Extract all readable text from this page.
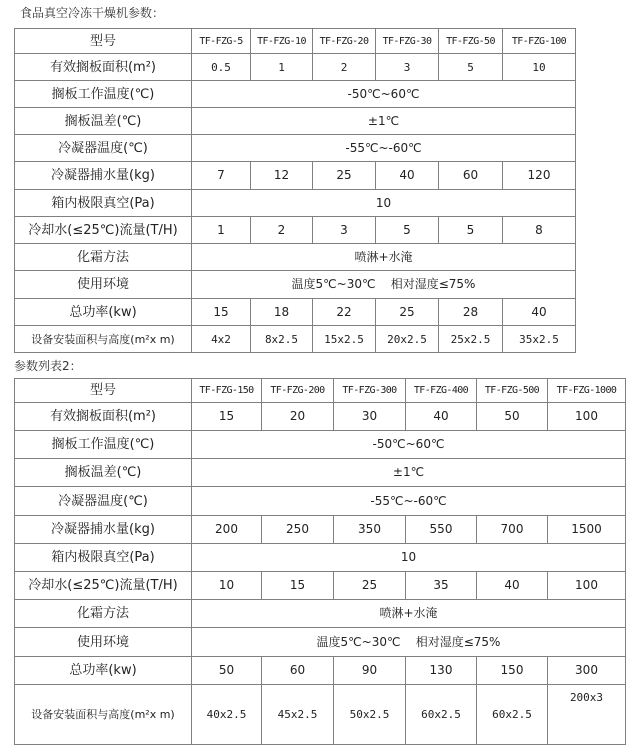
食品真空冷冻干燥机参数：
型号	TF-FZG-5	TF-FZG-10	TF-FZG-20	TF-FZG-30	TF-FZG-50	TF-FZG-100
有效搁板面积(m²)	0.5	1	2	3	5	10
搁板工作温度(℃)	-50℃~60℃					
搁板温差(℃)	±1℃					
冷凝器温度(℃)	-55℃~-60℃					
冷凝器捕水量(kg)	7	12	25	40	60	120
箱内极限真空(Pa)	10					
冷却水(≤25℃)流量(T/H)	1	2	3	5	5	8
化霜方法	喷淋+水淹					
使用环境	温度5℃~30℃    相对湿度≤75%					
总功率(kw)	15	18	22	25	28	40
设备安装面积与高度(m²x m)	4x2	8x2.5	15x2.5	20x2.5	25x2.5	35x2.5
参数列表2：
型号	TF-FZG-150	TF-FZG-200	TF-FZG-300	TF-FZG-400	TF-FZG-500	TF-FZG-1000
有效搁板面积(m²)	15	20	30	40	50	100
搁板工作温度(℃)	-50℃~60℃					
搁板温差(℃)	±1℃					
冷凝器温度(℃)	-55℃~-60℃					
冷凝器捕水量(kg)	200	250	350	550	700	1500
箱内极限真空(Pa)	10					
冷却水(≤25℃)流量(T/H)	10	15	25	35	40	100
化霜方法	喷淋+水淹					
使用环境	温度5℃~30℃    相对湿度≤75%					
总功率(kw)	50	60	90	130	150	300
设备安装面积与高度(m²x m)	40x2.5	45x2.5	50x2.5	60x2.5	60x2.5	200x3
